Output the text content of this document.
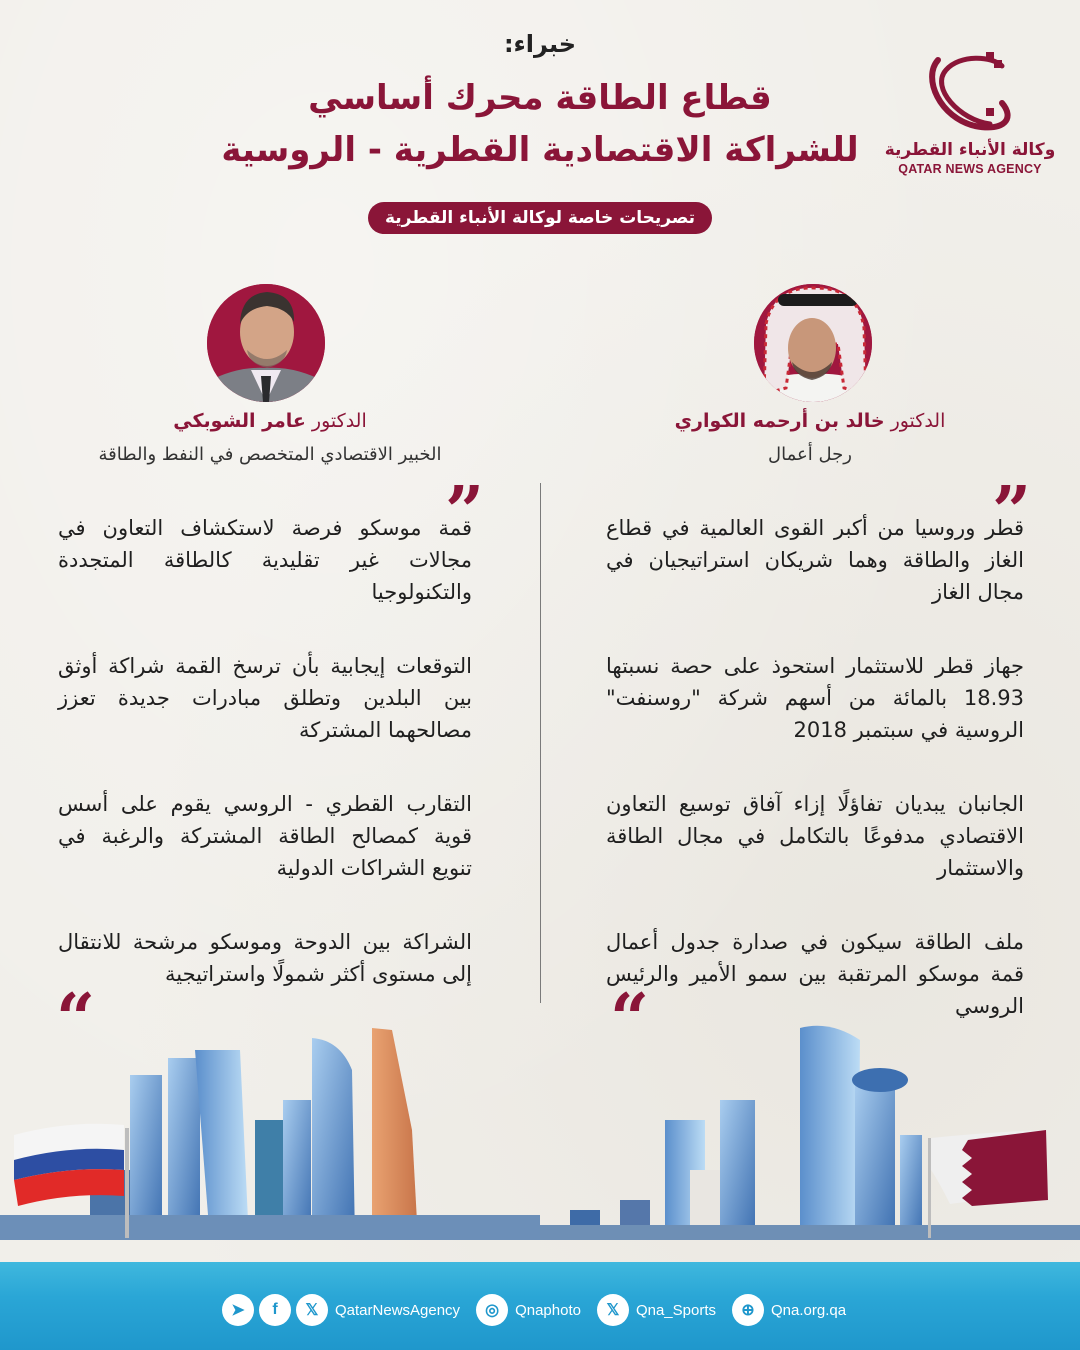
خبراء:
قطاع الطاقة محرك أساسي
للشراكة الاقتصادية القطرية - الروسية	وكالة الأنباء القطرية
QATAR NEWS AGENCY
تصريحات خاصة لوكالة الأنباء القطرية
الدكتور عامر الشوبكي
الخبير الاقتصادي المتخصص في النفط والطاقة
الدكتور خالد بن أرحمه الكواري
رجل أعمال
”	”

قطر وروسيا من أكبر القوى العالمية في قطاع الغاز والطاقة وهما شريكان استراتيجيان في مجال الغاز

جهاز قطر للاستثمار استحوذ على حصة نسبتها 18.93 بالمائة من أسهم شركة "روسنفت" الروسية في سبتمبر 2018

الجانبان يبديان تفاؤلًا إزاء آفاق توسيع التعاون الاقتصادي مدفوعًا بالتكامل في مجال الطاقة والاستثمار

ملف الطاقة سيكون في صدارة جدول أعمال قمة موسكو المرتقبة بين سمو الأمير والرئيس الروسي

قمة موسكو فرصة لاستكشاف التعاون في مجالات غير تقليدية كالطاقة المتجددة والتكنولوجيا

التوقعات إيجابية بأن ترسخ القمة شراكة أوثق بين البلدين وتطلق مبادرات جديدة تعزز مصالحهما المشتركة

التقارب القطري - الروسي يقوم على أسس قوية كمصالح الطاقة المشتركة والرغبة في تنويع الشراكات الدولية

الشراكة بين الدوحة وموسكو مرشحة للانتقال إلى مستوى أكثر شمولًا واستراتيجية

“	“
➤	f	𝕏	QatarNewsAgency	◎	Qnaphoto	𝕏	Qna_Sports	⊕	Qna.org.qa
